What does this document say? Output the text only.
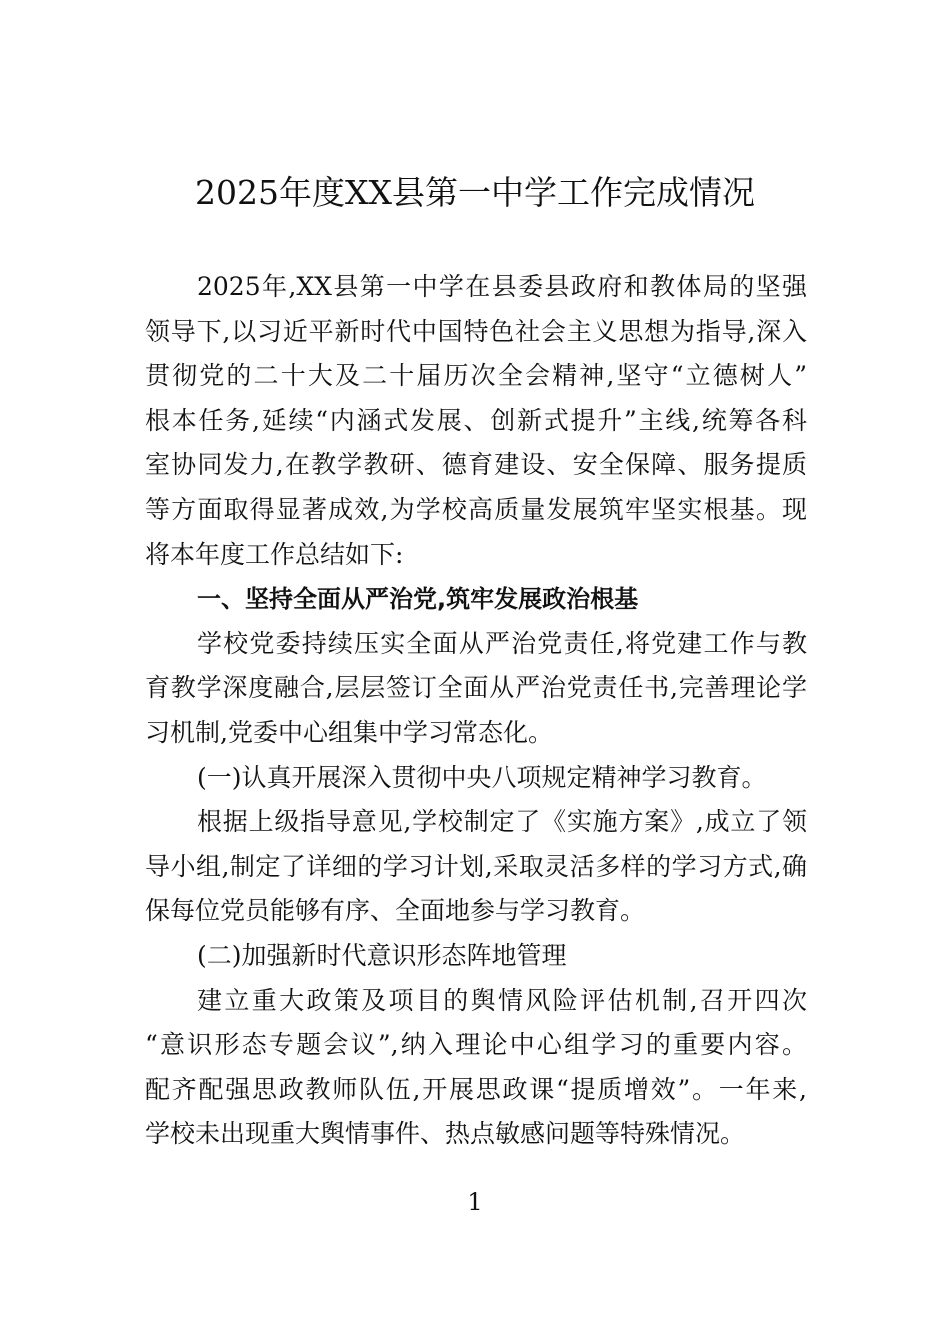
2025年度XX县第一中学工作完成情况
2025年,XX县第一中学在县委县政府和教体局的坚强
领导下,以习近平新时代中国特色社会主义思想为指导,深入
贯彻党的二十大及二十届历次全会精神,坚守“立德树人”
根本任务,延续“内涵式发展、创新式提升”主线,统筹各科
室协同发力,在教学教研、德育建设、安全保障、服务提质
等方面取得显著成效,为学校高质量发展筑牢坚实根基。现
将本年度工作总结如下:
一、坚持全面从严治党,筑牢发展政治根基
学校党委持续压实全面从严治党责任,将党建工作与教
育教学深度融合,层层签订全面从严治党责任书,完善理论学
习机制,党委中心组集中学习常态化。
(一)认真开展深入贯彻中央八项规定精神学习教育。
根据上级指导意见,学校制定了《实施方案》,成立了领
导小组,制定了详细的学习计划,采取灵活多样的学习方式,确
保每位党员能够有序、全面地参与学习教育。
(二)加强新时代意识形态阵地管理
建立重大政策及项目的舆情风险评估机制,召开四次
“意识形态专题会议”,纳入理论中心组学习的重要内容。
配齐配强思政教师队伍,开展思政课“提质增效”。一年来,
学校未出现重大舆情事件、热点敏感问题等特殊情况。
1
